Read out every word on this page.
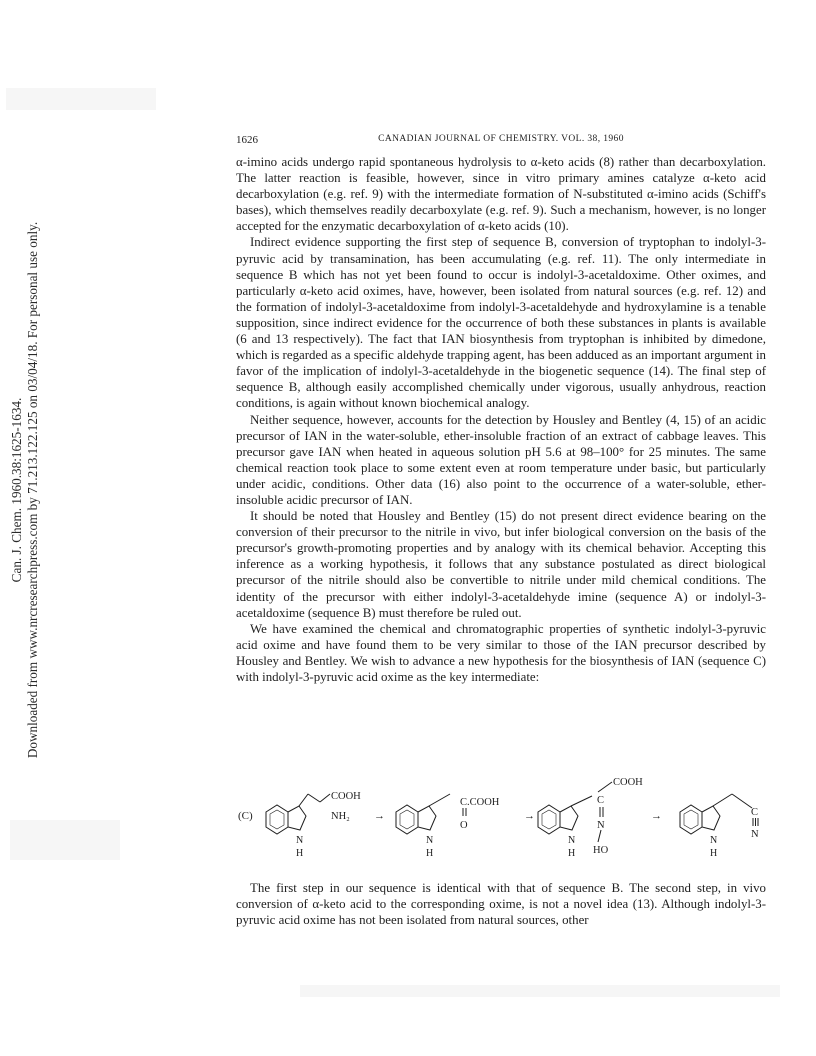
1626	CANADIAN JOURNAL OF CHEMISTRY. VOL. 38, 1960
Can. J. Chem. 1960.38:1625-1634. Downloaded from www.nrcresearchpress.com by 71.213.122.125 on 03/04/18. For personal use only.

α-imino acids undergo rapid spontaneous hydrolysis to α-keto acids (8) rather than decarboxylation. The latter reaction is feasible, however, since in vitro primary amines catalyze α-keto acid decarboxylation (e.g. ref. 9) with the intermediate formation of N-substituted α-imino acids (Schiff's bases), which themselves readily decarboxylate (e.g. ref. 9). Such a mechanism, however, is no longer accepted for the enzymatic decarboxylation of α-keto acids (10).

Indirect evidence supporting the first step of sequence B, conversion of tryptophan to indolyl-3-pyruvic acid by transamination, has been accumulating (e.g. ref. 11). The only intermediate in sequence B which has not yet been found to occur is indolyl-3-acetaldoxime. Other oximes, and particularly α-keto acid oximes, have, however, been isolated from natural sources (e.g. ref. 12) and the formation of indolyl-3-acetaldoxime from indolyl-3-acetaldehyde and hydroxylamine is a tenable supposition, since indirect evidence for the occurrence of both these substances in plants is available (6 and 13 respectively). The fact that IAN biosynthesis from tryptophan is inhibited by dimedone, which is regarded as a specific aldehyde trapping agent, has been adduced as an important argument in favor of the implication of indolyl-3-acetaldehyde in the biogenetic sequence (14). The final step of sequence B, although easily accomplished chemically under vigorous, usually anhydrous, reaction conditions, is again without known biochemical analogy.

Neither sequence, however, accounts for the detection by Housley and Bentley (4, 15) of an acidic precursor of IAN in the water-soluble, ether-insoluble fraction of an extract of cabbage leaves. This precursor gave IAN when heated in aqueous solution pH 5.6 at 98–100° for 25 minutes. The same chemical reaction took place to some extent even at room temperature under basic, but particularly under acidic, conditions. Other data (16) also point to the occurrence of a water-soluble, ether-insoluble acidic precursor of IAN.

It should be noted that Housley and Bentley (15) do not present direct evidence bearing on the conversion of their precursor to the nitrile in vivo, but infer biological conversion on the basis of the precursor's growth-promoting properties and by analogy with its chemical behavior. Accepting this inference as a working hypothesis, it follows that any substance postulated as direct biological precursor of the nitrile should also be convertible to nitrile under mild chemical conditions. The identity of the precursor with either indolyl-3-acetaldehyde imine (sequence A) or indolyl-3-acetaldoxime (sequence B) must therefore be ruled out.

We have examined the chemical and chromatographic properties of synthetic indolyl-3-pyruvic acid oxime and have found them to be very similar to those of the IAN precursor described by Housley and Bentley. We wish to advance a new hypothesis for the biosynthesis of IAN (sequence C) with indolyl-3-pyruvic acid oxime as the key intermediate:

(C)
COOH
NH₂
N
H
→
C.COOH
O
N
H
→
COOH
C
N
HO
N
H
→	C
N
N
H

The first step in our sequence is identical with that of sequence B. The second step, in vivo conversion of α-keto acid to the corresponding oxime, is not a novel idea (13). Although indolyl-3-pyruvic acid oxime has not been isolated from natural sources, other
